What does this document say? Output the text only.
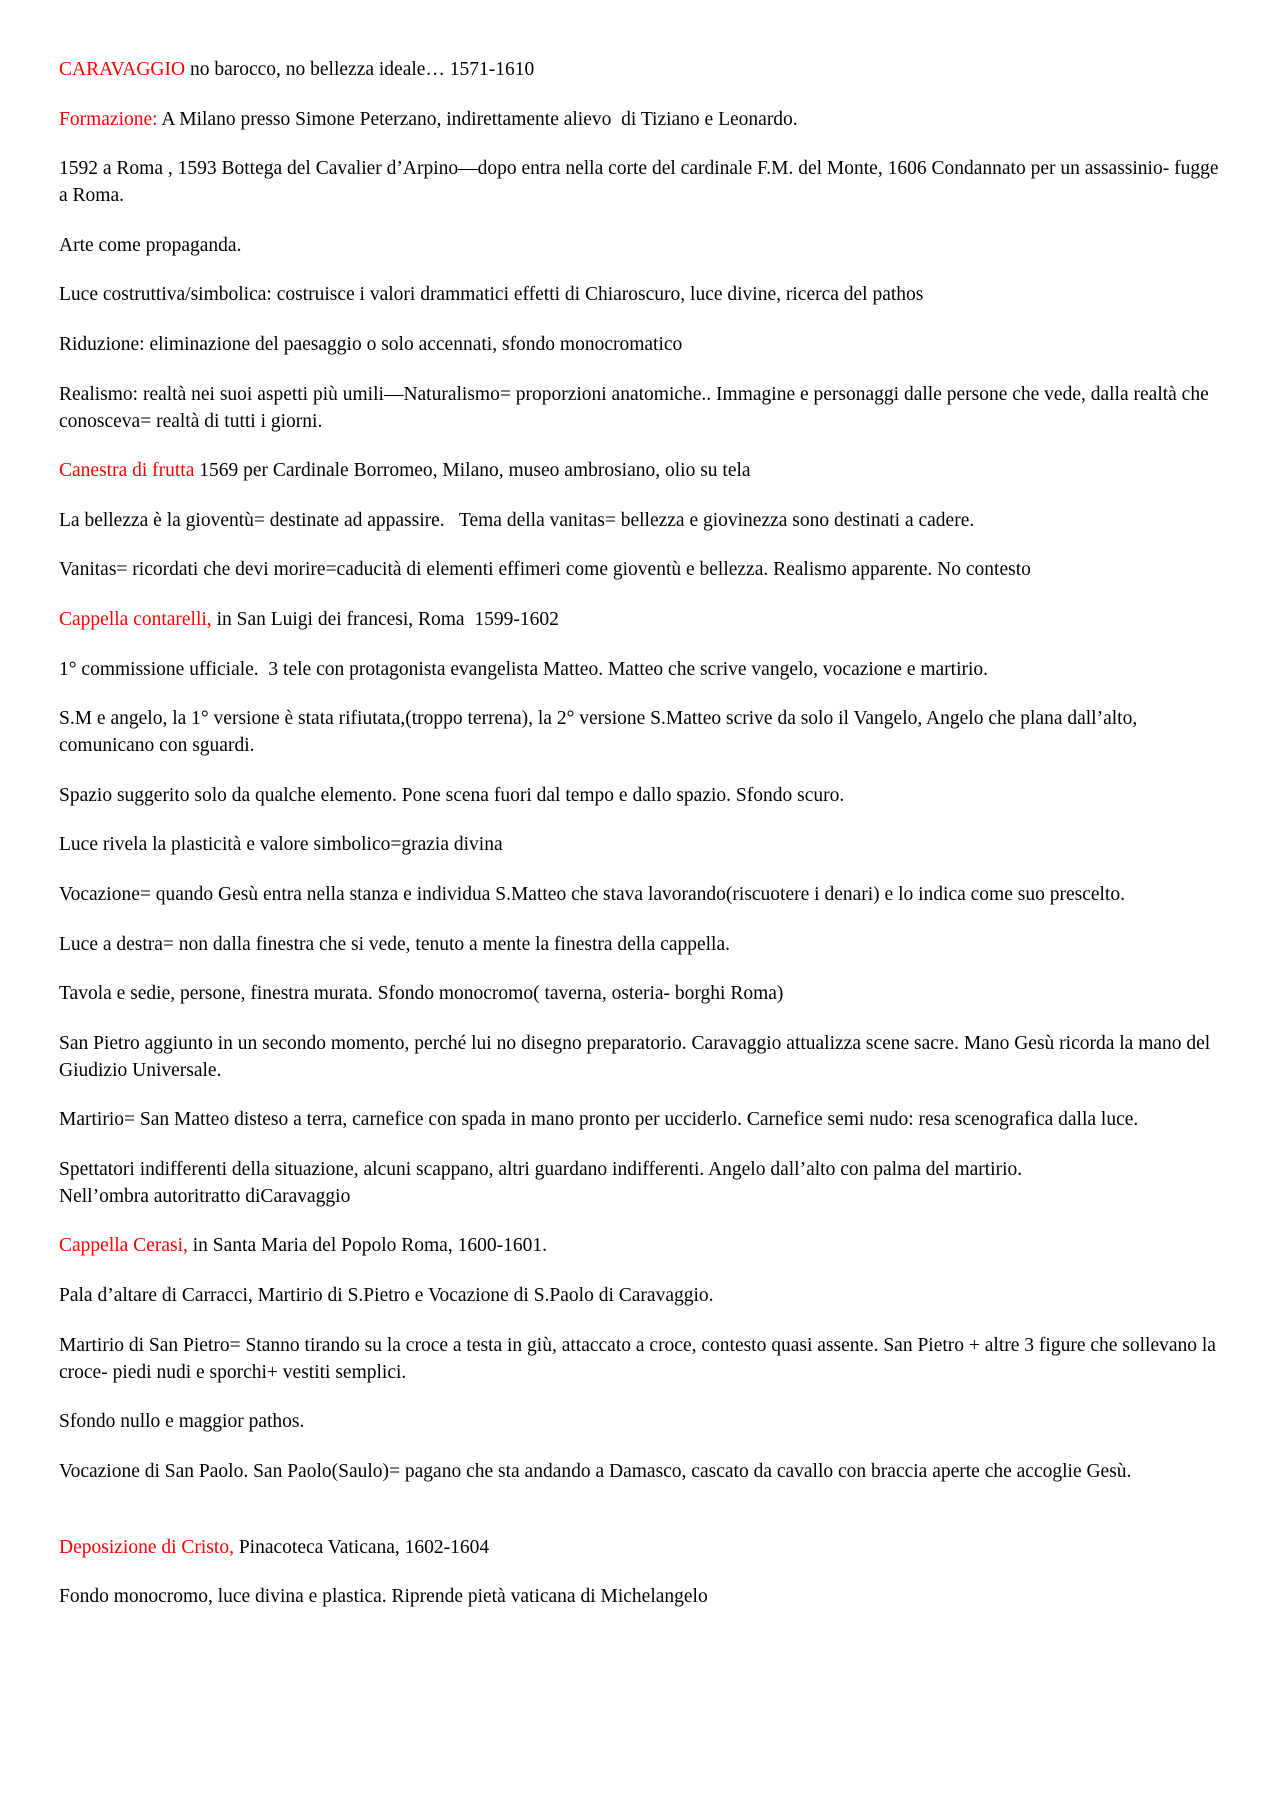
CARAVAGGIO no barocco, no bellezza ideale… 1571-1610

Formazione: A Milano presso Simone Peterzano, indirettamente alievo  di Tiziano e Leonardo.

1592 a Roma , 1593 Bottega del Cavalier d’Arpino—dopo entra nella corte del cardinale F.M. del Monte, 1606 Condannato per un assassinio- fugge a Roma.

Arte come propaganda.

Luce costruttiva/simbolica: costruisce i valori drammatici effetti di Chiaroscuro, luce divine, ricerca del pathos

Riduzione: eliminazione del paesaggio o solo accennati, sfondo monocromatico

Realismo: realtà nei suoi aspetti più umili—Naturalismo= proporzioni anatomiche.. Immagine e personaggi dalle persone che vede, dalla realtà che conosceva= realtà di tutti i giorni.

Canestra di frutta 1569 per Cardinale Borromeo, Milano, museo ambrosiano, olio su tela

La bellezza è la gioventù= destinate ad appassire.   Tema della vanitas= bellezza e giovinezza sono destinati a cadere.

Vanitas= ricordati che devi morire=caducità di elementi effimeri come gioventù e bellezza. Realismo apparente. No contesto

Cappella contarelli, in San Luigi dei francesi, Roma  1599-1602

1° commissione ufficiale.  3 tele con protagonista evangelista Matteo. Matteo che scrive vangelo, vocazione e martirio.

S.M e angelo, la 1° versione è stata rifiutata,(troppo terrena), la 2° versione S.Matteo scrive da solo il Vangelo, Angelo che plana dall’alto, comunicano con sguardi.

Spazio suggerito solo da qualche elemento. Pone scena fuori dal tempo e dallo spazio. Sfondo scuro.

Luce rivela la plasticità e valore simbolico=grazia divina

Vocazione= quando Gesù entra nella stanza e individua S.Matteo che stava lavorando(riscuotere i denari) e lo indica come suo prescelto.

Luce a destra= non dalla finestra che si vede, tenuto a mente la finestra della cappella.

Tavola e sedie, persone, finestra murata. Sfondo monocromo( taverna, osteria- borghi Roma)

San Pietro aggiunto in un secondo momento, perché lui no disegno preparatorio. Caravaggio attualizza scene sacre. Mano Gesù ricorda la mano del Giudizio Universale.

Martirio= San Matteo disteso a terra, carnefice con spada in mano pronto per ucciderlo. Carnefice semi nudo: resa scenografica dalla luce.

Spettatori indifferenti della situazione, alcuni scappano, altri guardano indifferenti. Angelo dall’alto con palma del martirio.
Nell’ombra autoritratto diCaravaggio

Cappella Cerasi, in Santa Maria del Popolo Roma, 1600-1601.

Pala d’altare di Carracci, Martirio di S.Pietro e Vocazione di S.Paolo di Caravaggio.

Martirio di San Pietro= Stanno tirando su la croce a testa in giù, attaccato a croce, contesto quasi assente. San Pietro + altre 3 figure che sollevano la croce- piedi nudi e sporchi+ vestiti semplici.

Sfondo nullo e maggior pathos.

Vocazione di San Paolo. San Paolo(Saulo)= pagano che sta andando a Damasco, cascato da cavallo con braccia aperte che accoglie Gesù.

Deposizione di Cristo, Pinacoteca Vaticana, 1602-1604

Fondo monocromo, luce divina e plastica. Riprende pietà vaticana di Michelangelo
